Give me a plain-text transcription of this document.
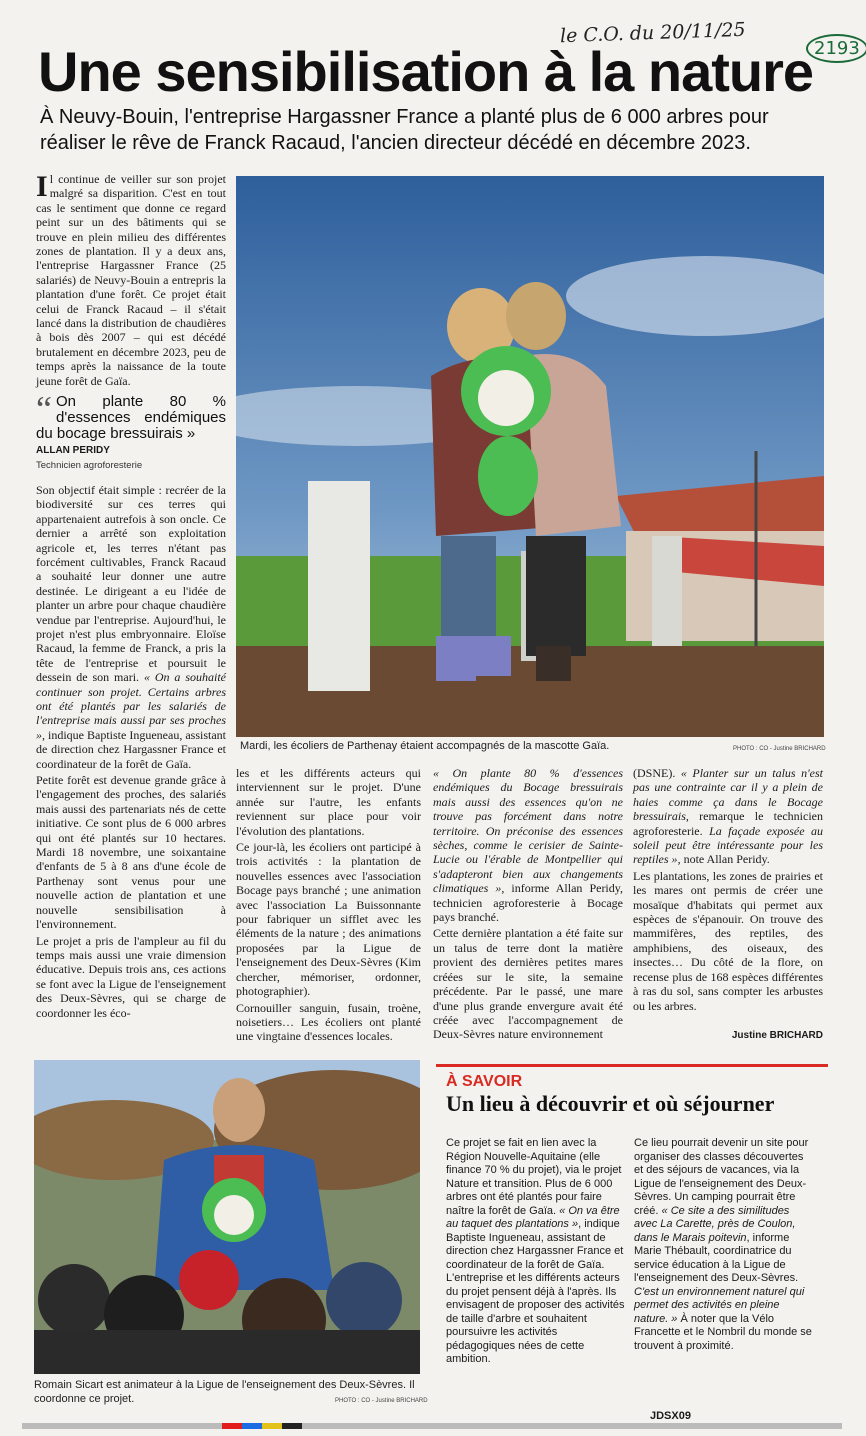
le C.O. du 20/11/25
2193
Une sensibilisation à la nature
À Neuvy-Bouin, l'entreprise Hargassner France a planté plus de 6 000 arbres pour réaliser le rêve de Franck Racaud, l'ancien directeur décédé en décembre 2023.

Il continue de veiller sur son projet malgré sa disparition. C'est en tout cas le sentiment que donne ce regard peint sur un des bâtiments qui se trouve en plein milieu des différentes zones de plantation. Il y a deux ans, l'entreprise Hargassner France (25 salariés) de Neuvy-Bouin a entrepris la plantation d'une forêt. Ce projet était celui de Franck Racaud – il s'était lancé dans la distribution de chaudières à bois dès 2007 – qui est décédé brutalement en décembre 2023, peu de temps après la naissance de la toute jeune forêt de Gaïa.

“ On plante 80 % d'essences endémiques du bocage bressuirais »
ALLAN PERIDY
Technicien agroforesterie

Son objectif était simple : recréer de la biodiversité sur ces terres qui appartenaient autrefois à son oncle. Ce dernier a arrêté son exploitation agricole et, les terres n'étant pas forcément cultivables, Franck Racaud a souhaité leur donner une autre destinée. Le dirigeant a eu l'idée de planter un arbre pour chaque chaudière vendue par l'entreprise. Aujourd'hui, le projet n'est plus embryonnaire. Eloïse Racaud, la femme de Franck, a pris la tête de l'entreprise et poursuit le dessein de son mari. « On a souhaité continuer son projet. Certains arbres ont été plantés par les salariés de l'entreprise mais aussi par ses proches », indique Baptiste Ingueneau, assistant de direction chez Hargassner France et coordinateur de la forêt de Gaïa.

Petite forêt est devenue grande grâce à l'engagement des proches, des salariés mais aussi des partenariats nés de cette initiative. Ce sont plus de 6 000 arbres qui ont été plantés sur 10 hectares. Mardi 18 novembre, une soixantaine d'enfants de 5 à 8 ans d'une école de Parthenay sont venus pour une nouvelle action de plantation et une nouvelle sensibilisation à l'environnement.

Le projet a pris de l'ampleur au fil du temps mais aussi une vraie dimension éducative. Depuis trois ans, ces actions se font avec la Ligue de l'enseignement des Deux-Sèvres, qui se charge de coordonner les éco-

Mardi, les écoliers de Parthenay étaient accompagnés de la mascotte Gaïa.	PHOTO : CO - Justine BRICHARD

les et les différents acteurs qui interviennent sur le projet. D'une année sur l'autre, les enfants reviennent sur place pour voir l'évolution des plantations.

Ce jour-là, les écoliers ont participé à trois activités : la plantation de nouvelles essences avec l'association Bocage pays branché ; une animation avec l'association La Buissonnante pour fabriquer un sifflet avec les éléments de la nature ; des animations proposées par la Ligue de l'enseignement des Deux-Sèvres (Kim chercher, mémoriser, ordonner, photographier).

Cornouiller sanguin, fusain, troène, noisetiers… Les écoliers ont planté une vingtaine d'essences locales.

« On plante 80 % d'essences endémiques du Bocage bressuirais mais aussi des essences qu'on ne trouve pas forcément dans notre territoire. On préconise des essences sèches, comme le cerisier de Sainte-Lucie ou l'érable de Montpellier qui s'adapteront bien aux changements climatiques », informe Allan Peridy, technicien agroforesterie à Bocage pays branché.

Cette dernière plantation a été faite sur un talus de terre dont la matière provient des dernières petites mares créées sur le site, la semaine précédente. Par le passé, une mare d'une plus grande envergure avait été créée avec l'accompagnement de Deux-Sèvres nature environnement

(DSNE). « Planter sur un talus n'est pas une contrainte car il y a plein de haies comme ça dans le Bocage bressuirais, remarque le technicien agroforesterie. La façade exposée au soleil peut être intéressante pour les reptiles », note Allan Peridy.

Les plantations, les zones de prairies et les mares ont permis de créer une mosaïque d'habitats qui permet aux espèces de s'épanouir. On trouve des mammifères, des reptiles, des amphibiens, des oiseaux, des insectes… Du côté de la flore, on recense plus de 168 espèces différentes à ras du sol, sans compter les arbustes ou les arbres.

Justine BRICHARD
Romain Sicart est animateur à la Ligue de l'enseignement des Deux-Sèvres. Il coordonne ce projet.	PHOTO : CO - Justine BRICHARD
À SAVOIR
Un lieu à découvrir et où séjourner

Ce projet se fait en lien avec la Région Nouvelle-Aquitaine (elle finance 70 % du projet), via le projet Nature et transition. Plus de 6 000 arbres ont été plantés pour faire naître la forêt de Gaïa. « On va être au taquet des plantations », indique Baptiste Ingueneau, assistant de direction chez Hargassner France et coordinateur de la forêt de Gaïa. L'entreprise et les différents acteurs du projet pensent déjà à l'après. Ils envisagent de proposer des activités de taille d'arbre et souhaitent poursuivre les activités pédagogiques nées de cette ambition.

Ce lieu pourrait devenir un site pour organiser des classes découvertes et des séjours de vacances, via la Ligue de l'enseignement des Deux-Sèvres. Un camping pourrait être créé. « Ce site a des similitudes avec La Carette, près de Coulon, dans le Marais poitevin, informe Marie Thébault, coordinatrice du service éducation à la Ligue de l'enseignement des Deux-Sèvres. C'est un environnement naturel qui permet des activités en pleine nature. » À noter que la Vélo Francette et le Nombril du monde se trouvent à proximité.

JDSX09
